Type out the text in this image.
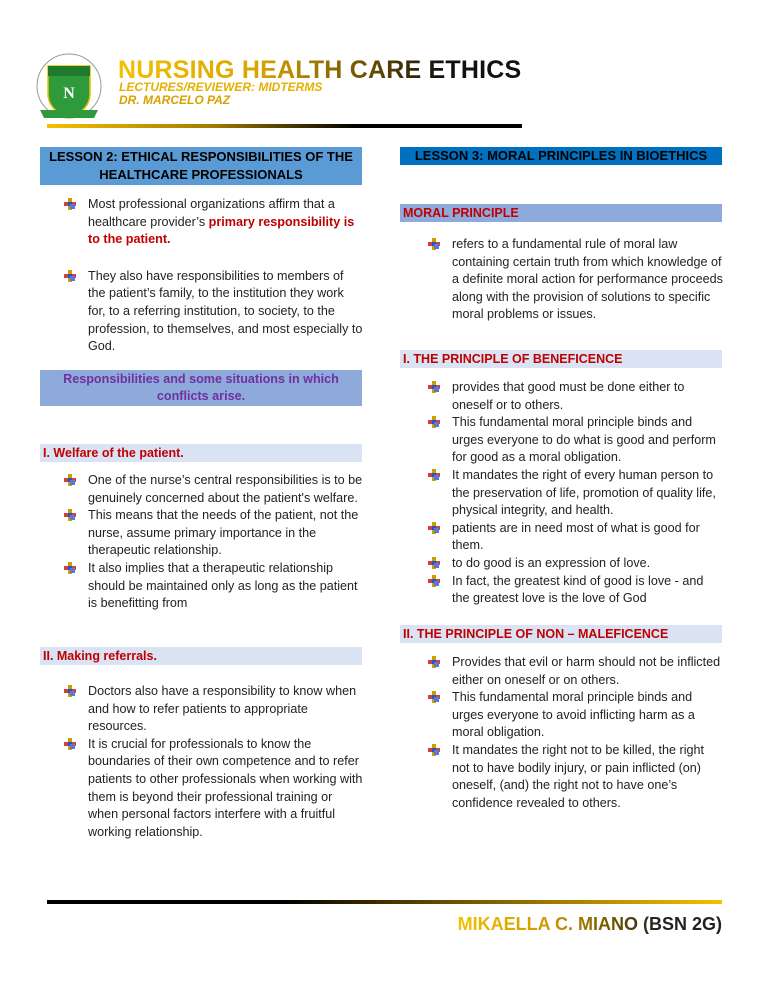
N
NURSING HEALTH CARE ETHICS
LECTURES/REVIEWER: MIDTERMS
DR. MARCELO PAZ
LESSON 2: ETHICAL RESPONSIBILITIES OF THE HEALTHCARE PROFESSIONALS
Most professional organizations affirm that a healthcare provider’s primary responsibility is to the patient.
They also have responsibilities to members of the patient’s family, to the institution they work for, to a referring institution, to society, to the profession, to themselves, and most especially to God.
Responsibilities and some situations in which conflicts arise.
I. Welfare of the patient.
One of the nurse’s central responsibilities is to be genuinely concerned about the patient's welfare.
This means that the needs of the patient, not the nurse, assume primary importance in the therapeutic relationship.
It also implies that a therapeutic relationship should be maintained only as long as the patient is benefitting from
II. Making referrals.
Doctors also have a responsibility to know when and how to refer patients to appropriate resources.
It is crucial for professionals to know the boundaries of their own competence and to refer patients to other professionals when working with them is beyond their professional training or when personal factors interfere with a fruitful working relationship.
LESSON 3: MORAL PRINCIPLES IN BIOETHICS
MORAL PRINCIPLE
refers to a fundamental rule of moral law containing certain truth from which knowledge of a definite moral action for performance proceeds along with the provision of solutions to specific moral problems or issues.
I. THE PRINCIPLE OF BENEFICENCE
provides that good must be done either to oneself or to others.
This fundamental moral principle binds and urges everyone to do what is good and perform for good as a moral obligation.
It mandates the right of every human person to the preservation of life, promotion of quality life, physical integrity, and health.
patients are in need most of what is good for them.
to do good is an expression of love.
In fact, the greatest kind of good is love - and the greatest love is the love of God
II. THE PRINCIPLE OF NON – MALEFICENCE
Provides that evil or harm should not be inflicted either on oneself or on others.
This fundamental moral principle binds and urges everyone to avoid inflicting harm as a moral obligation.
It mandates the right not to be killed, the right not to have bodily injury, or pain inflicted (on) oneself, (and) the right not to have one’s confidence revealed to others.
MIKAELLA C. MIANO (BSN 2G)
